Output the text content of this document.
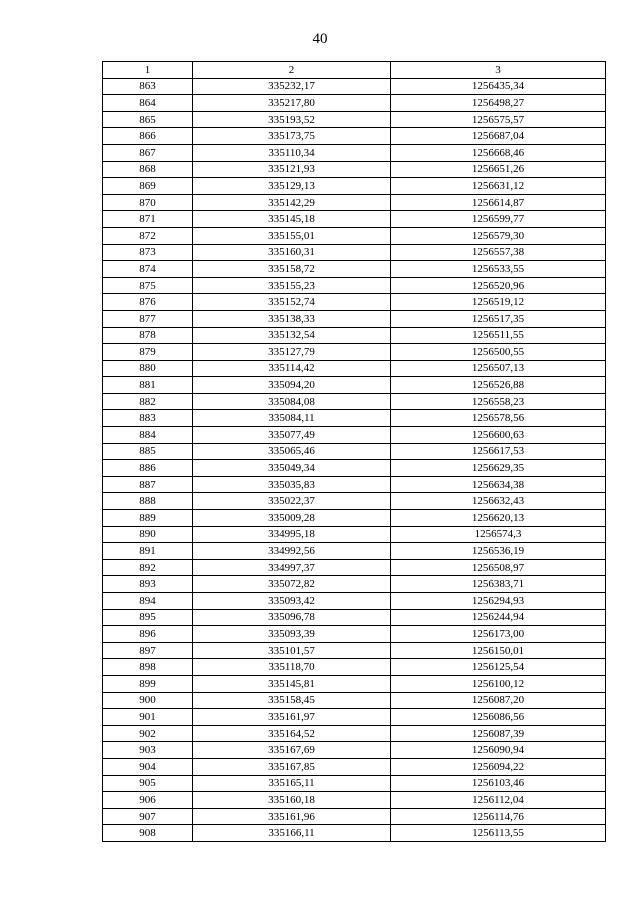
40
1	2	3
863	335232,17	1256435,34
864	335217,80	1256498,27
865	335193,52	1256575,57
866	335173,75	1256687,04
867	335110,34	1256668,46
868	335121,93	1256651,26
869	335129,13	1256631,12
870	335142,29	1256614,87
871	335145,18	1256599,77
872	335155,01	1256579,30
873	335160,31	1256557,38
874	335158,72	1256533,55
875	335155,23	1256520,96
876	335152,74	1256519,12
877	335138,33	1256517,35
878	335132,54	1256511,55
879	335127,79	1256500,55
880	335114,42	1256507,13
881	335094,20	1256526,88
882	335084,08	1256558,23
883	335084,11	1256578,56
884	335077,49	1256600,63
885	335065,46	1256617,53
886	335049,34	1256629,35
887	335035,83	1256634,38
888	335022,37	1256632,43
889	335009,28	1256620,13
890	334995,18	1256574,3
891	334992,56	1256536,19
892	334997,37	1256508,97
893	335072,82	1256383,71
894	335093,42	1256294,93
895	335096,78	1256244,94
896	335093,39	1256173,00
897	335101,57	1256150,01
898	335118,70	1256125,54
899	335145,81	1256100,12
900	335158,45	1256087,20
901	335161,97	1256086,56
902	335164,52	1256087,39
903	335167,69	1256090,94
904	335167,85	1256094,22
905	335165,11	1256103,46
906	335160,18	1256112,04
907	335161,96	1256114,76
908	335166,11	1256113,55
